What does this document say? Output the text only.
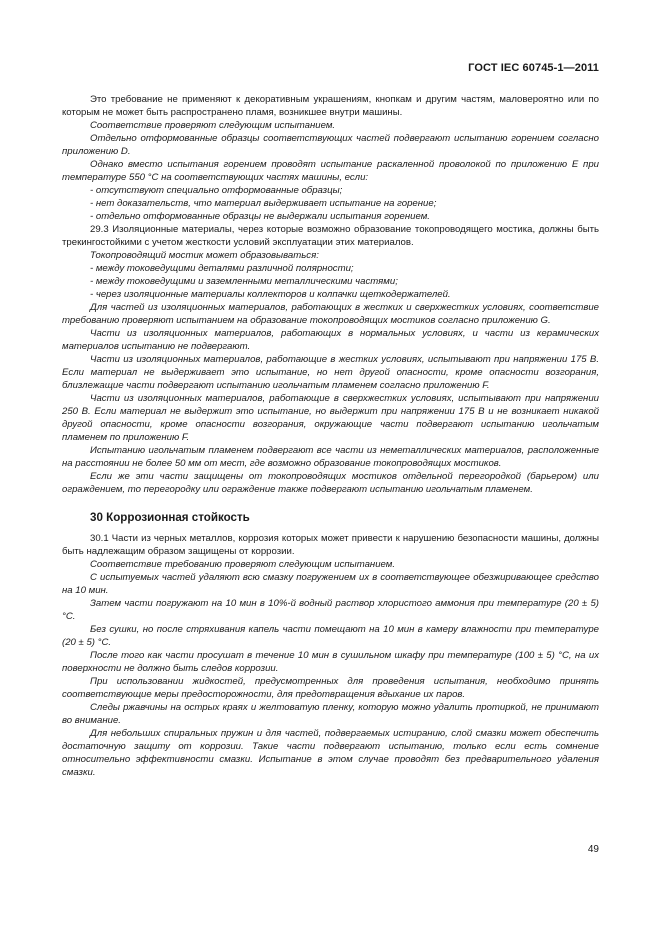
ГОСТ IEC 60745-1—2011

Это требование не применяют к декоративным украшениям, кнопкам и другим частям, маловероятно или по которым не может быть распространено пламя, возникшее внутри машины.

Соответствие проверяют следующим испытанием.

Отдельно отформованные образцы соответствующих частей подвергают испытанию горением согласно приложению D.

Однако вместо испытания горением проводят испытание раскаленной проволокой по приложению E при температуре 550 °С на соответствующих частях машины, если:

- отсутствуют специально отформованные образцы;

- нет доказательств, что материал выдерживает испытание на горение;

- отдельно отформованные образцы не выдержали испытания горением.

29.3 Изоляционные материалы, через которые возможно образование токопроводящего мостика, должны быть трекингостойкими с учетом жесткости условий эксплуатации этих материалов.

Токопроводящий мостик может образовываться:

- между токоведущими деталями различной полярности;

- между токоведущими и заземленными металлическими частями;

- через изоляционные материалы коллекторов и колпачки щеткодержателей.

Для частей из изоляционных материалов, работающих в жестких и сверхжестких условиях, соответствие требованию проверяют испытанием на образование токопроводящих мостиков согласно приложению G.

Части из изоляционных материалов, работающих в нормальных условиях, и части из керамических материалов испытанию не подвергают.

Части из изоляционных материалов, работающие в жестких условиях, испытывают при напряжении 175 В. Если материал не выдерживает это испытание, но нет другой опасности, кроме опасности возгорания, близлежащие части подвергают испытанию игольчатым пламенем согласно приложению F.

Части из изоляционных материалов, работающие в сверхжестких условиях, испытывают при напряжении 250 В. Если материал не выдержит это испытание, но выдержит при напряжении 175 В и не возникает никакой другой опасности, кроме опасности возгорания, окружающие части подвергают испытанию игольчатым пламенем по приложению F.

Испытанию игольчатым пламенем подвергают все части из неметаллических материалов, расположенные на расстоянии не более 50 мм от мест, где возможно образование токопроводящих мостиков.

Если же эти части защищены от токопроводящих мостиков отдельной перегородкой (барьером) или ограждением, то перегородку или ограждение также подвергают испытанию игольчатым пламенем.

30 Коррозионная стойкость

30.1 Части из черных металлов, коррозия которых может привести к нарушению безопасности машины, должны быть надлежащим образом защищены от коррозии.

Соответствие требованию проверяют следующим испытанием.

С испытуемых частей удаляют всю смазку погружением их в соответствующее обезжиривающее средство на 10 мин.

Затем части погружают на 10 мин в 10%-й водный раствор хлористого аммония при температуре (20 ± 5) °С.

Без сушки, но после стряхивания капель части помещают на 10 мин в камеру влажности при температуре (20 ± 5) °С.

После того как части просушат в течение 10 мин в сушильном шкафу при температуре (100 ± 5) °С, на их поверхности не должно быть следов коррозии.

При использовании жидкостей, предусмотренных для проведения испытания, необходимо принять соответствующие меры предосторожности, для предотвращения вдыхание их паров.

Следы ржавчины на острых краях и желтоватую пленку, которую можно удалить протиркой, не принимают во внимание.

Для небольших спиральных пружин и для частей, подвергаемых истиранию, слой смазки может обеспечить достаточную защиту от коррозии. Такие части подвергают испытанию, только если есть сомнение относительно эффективности смазки. Испытание в этом случае проводят без предварительного удаления смазки.

49
